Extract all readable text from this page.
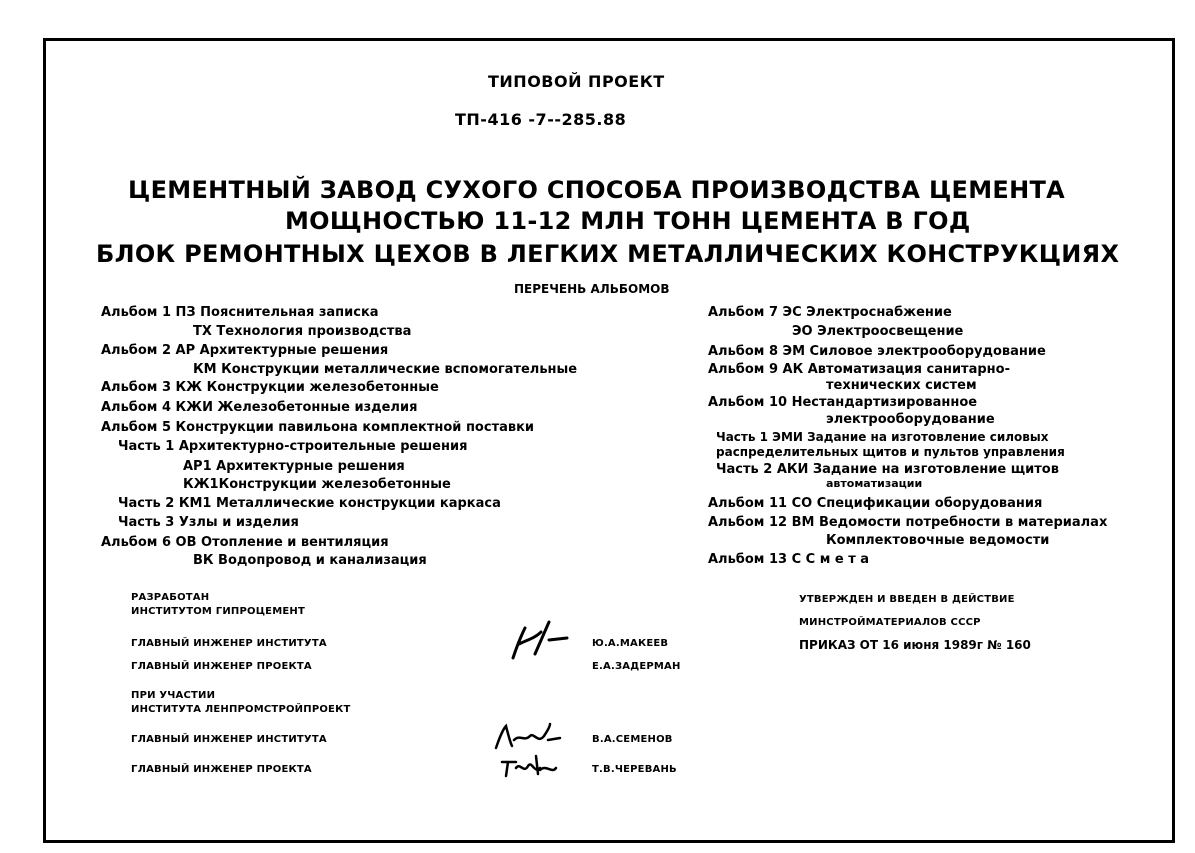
ТИПОВОЙ ПРОЕКТ
ТП-416 -7--285.88
ЦЕМЕНТНЫЙ ЗАВОД СУХОГО СПОСОБА ПРОИЗВОДСТВА ЦЕМЕНТА
МОЩНОСТЬЮ 11-12 МЛН ТОНН ЦЕМЕНТА В ГОД
БЛОК РЕМОНТНЫХ ЦЕХОВ В ЛЕГКИХ МЕТАЛЛИЧЕСКИХ КОНСТРУКЦИЯХ
ПЕРЕЧЕНЬ АЛЬБОМОВ
Альбом 1 ПЗ Пояснительная записка
ТХ Технология производства
Альбом 2 АР Архитектурные решения
КМ Конструкции металлические вспомогательные
Альбом 3 КЖ Конструкции железобетонные
Альбом 4 КЖИ Железобетонные изделия
Альбом 5 Конструкции павильона комплектной поставки
Часть 1 Архитектурно-строительные решения
АР1 Архитектурные решения
КЖ1Конструкции железобетонные
Часть 2 КМ1 Металлические конструкции каркаса
Часть 3 Узлы и изделия
Альбом 6 ОВ Отопление и вентиляция
ВК Водопровод и канализация
Альбом 7 ЭС Электроснабжение
ЭО Электроосвещение
Альбом 8 ЭМ Силовое электрооборудование
Альбом 9 АК Автоматизация санитарно-
технических систем
Альбом 10 Нестандартизированное
электрооборудование
Часть 1 ЭМИ Задание на изготовление силовых
распределительных щитов и пультов управления
Часть 2 АКИ Задание на изготовление щитов
автоматизации
Альбом 11 СО Спецификации оборудования
Альбом 12 ВМ Ведомости потребности в материалах
Комплектовочные ведомости
Альбом 13 С С м е т а
РАЗРАБОТАН
ИНСТИТУТОМ ГИПРОЦЕМЕНТ
ГЛАВНЫЙ ИНЖЕНЕР ИНСТИТУТА	Ю.А.МАКЕЕВ
ГЛАВНЫЙ ИНЖЕНЕР ПРОЕКТА	Е.А.ЗАДЕРМАН
ПРИ УЧАСТИИ
ИНСТИТУТА ЛЕНПРОМСТРОЙПРОЕКТ
ГЛАВНЫЙ ИНЖЕНЕР ИНСТИТУТА	В.А.СЕМЕНОВ
ГЛАВНЫЙ ИНЖЕНЕР ПРОЕКТА	Т.В.ЧЕРЕВАНЬ
УТВЕРЖДЕН И ВВЕДЕН В ДЕЙСТВИЕ
МИНСТРОЙМАТЕРИАЛОВ СССР
ПРИКАЗ ОТ 16 июня 1989г № 160
